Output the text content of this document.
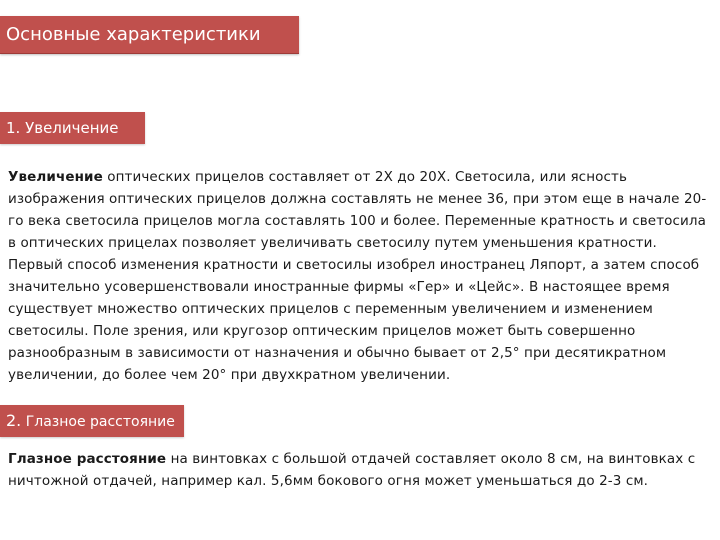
Основные характеристики
1. Увеличение

Увеличение оптических прицелов составляет от 2Х до 20Х. Светосила, или ясность изображения оптических прицелов должна составлять не менее 36, при этом еще в начале 20-го века светосила прицелов могла составлять 100 и более. Переменные кратность и светосила в оптических прицелах позволяет увеличивать светосилу путем уменьшения кратности. Первый способ изменения кратности и светосилы изобрел иностранец Ляпорт, а затем способ значительно усовершенствовали иностранные фирмы «Гер» и «Цейс». В настоящее время существует множество оптических прицелов с переменным увеличением и изменением светосилы. Поле зрения, или кругозор оптическим прицелов может быть совершенно разнообразным в зависимости от назначения и обычно бывает от 2,5° при десятикратном увеличении, до более чем 20° при двухкратном увеличении.

2. Глазное расстояние

Глазное расстояние на винтовках с большой отдачей составляет около 8 см, на винтовках с ничтожной отдачей, например кал. 5,6мм бокового огня может уменьшаться до 2-3 см.
